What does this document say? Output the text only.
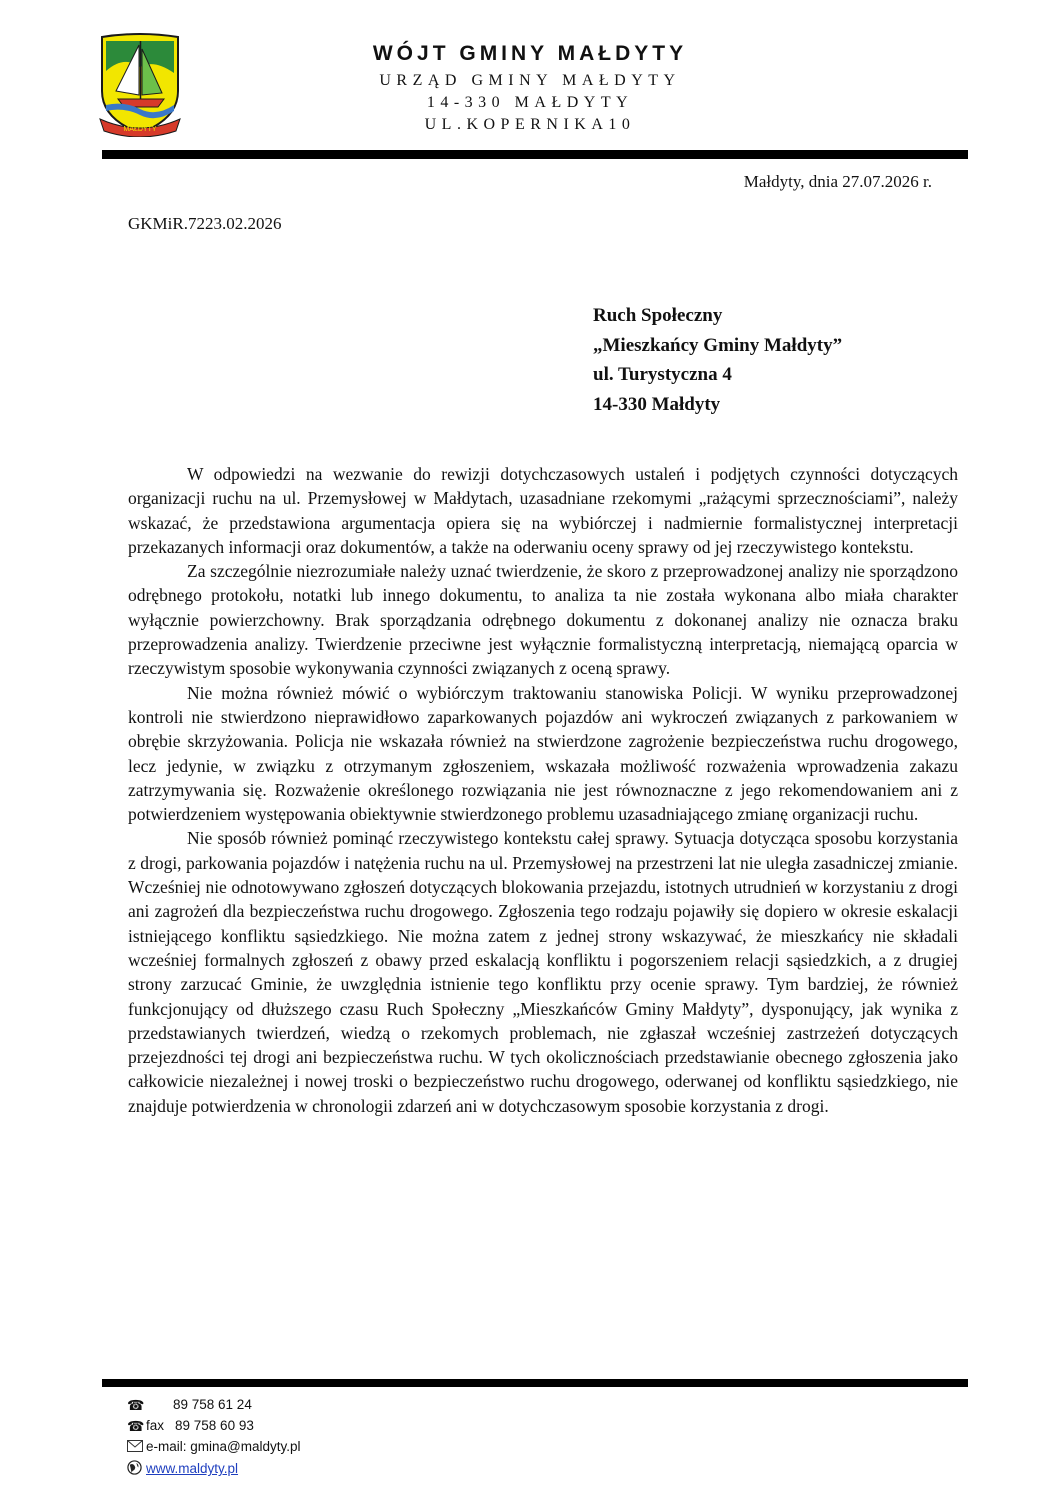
MAŁDYTY
WÓJT GMINY MAŁDYTY
URZĄD GMINY MAŁDYTY
14-330 MAŁDYTY
UL.KOPERNIKA10
Małdyty, dnia 27.07.2026 r.
GKMiR.7223.02.2026
Ruch Społeczny
„Mieszkańcy Gminy Małdyty”
ul. Turystyczna 4
14-330 Małdyty

W odpowiedzi na wezwanie do rewizji dotychczasowych ustaleń i podjętych czynności dotyczących organizacji ruchu na ul. Przemysłowej w Małdytach, uzasadniane rzekomymi „rażącymi sprzecznościami”, należy wskazać, że przedstawiona argumentacja opiera się na wybiórczej i nadmiernie formalistycznej interpretacji przekazanych informacji oraz dokumentów, a także na oderwaniu oceny sprawy od jej rzeczywistego kontekstu.

Za szczególnie niezrozumiałe należy uznać twierdzenie, że skoro z przeprowadzonej analizy nie sporządzono odrębnego protokołu, notatki lub innego dokumentu, to analiza ta nie została wykonana albo miała charakter wyłącznie powierzchowny. Brak sporządzania odrębnego dokumentu z dokonanej analizy nie oznacza braku przeprowadzenia analizy. Twierdzenie przeciwne jest wyłącznie formalistyczną interpretacją, niemającą oparcia w rzeczywistym sposobie wykonywania czynności związanych z oceną sprawy.

Nie można również mówić o wybiórczym traktowaniu stanowiska Policji. W wyniku przeprowadzonej kontroli nie stwierdzono nieprawidłowo zaparkowanych pojazdów ani wykroczeń związanych z parkowaniem w obrębie skrzyżowania. Policja nie wskazała również na stwierdzone zagrożenie bezpieczeństwa ruchu drogowego, lecz jedynie, w związku z otrzymanym zgłoszeniem, wskazała możliwość rozważenia wprowadzenia zakazu zatrzymywania się. Rozważenie określonego rozwiązania nie jest równoznaczne z jego rekomendowaniem ani z potwierdzeniem występowania obiektywnie stwierdzonego problemu uzasadniającego zmianę organizacji ruchu.

Nie sposób również pominąć rzeczywistego kontekstu całej sprawy. Sytuacja dotycząca sposobu korzystania z drogi, parkowania pojazdów i natężenia ruchu na ul. Przemysłowej na przestrzeni lat nie uległa zasadniczej zmianie. Wcześniej nie odnotowywano zgłoszeń dotyczących blokowania przejazdu, istotnych utrudnień w korzystaniu z drogi ani zagrożeń dla bezpieczeństwa ruchu drogowego. Zgłoszenia tego rodzaju pojawiły się dopiero w okresie eskalacji istniejącego konfliktu sąsiedzkiego. Nie można zatem z jednej strony wskazywać, że mieszkańcy nie składali wcześniej formalnych zgłoszeń z obawy przed eskalacją konfliktu i pogorszeniem relacji sąsiedzkich, a z drugiej strony zarzucać Gminie, że uwzględnia istnienie tego konfliktu przy ocenie sprawy. Tym bardziej, że również funkcjonujący od dłuższego czasu Ruch Społeczny „Mieszkańców Gminy Małdyty”, dysponujący, jak wynika z przedstawianych twierdzeń, wiedzą o rzekomych problemach, nie zgłaszał wcześniej zastrzeżeń dotyczących przejezdności tej drogi ani bezpieczeństwa ruchu. W tych okolicznościach przedstawianie obecnego zgłoszenia jako całkowicie niezależnej i nowej troski o bezpieczeństwo ruchu drogowego, oderwanej od konfliktu sąsiedzkiego, nie znajduje potwierdzenia w chronologii zdarzeń ani w dotychczasowym sposobie korzystania z drogi.

☎ 89 758 61 24
☎ fax 89 758 60 93
e-mail: gmina@maldyty.pl
www.maldyty.pl
